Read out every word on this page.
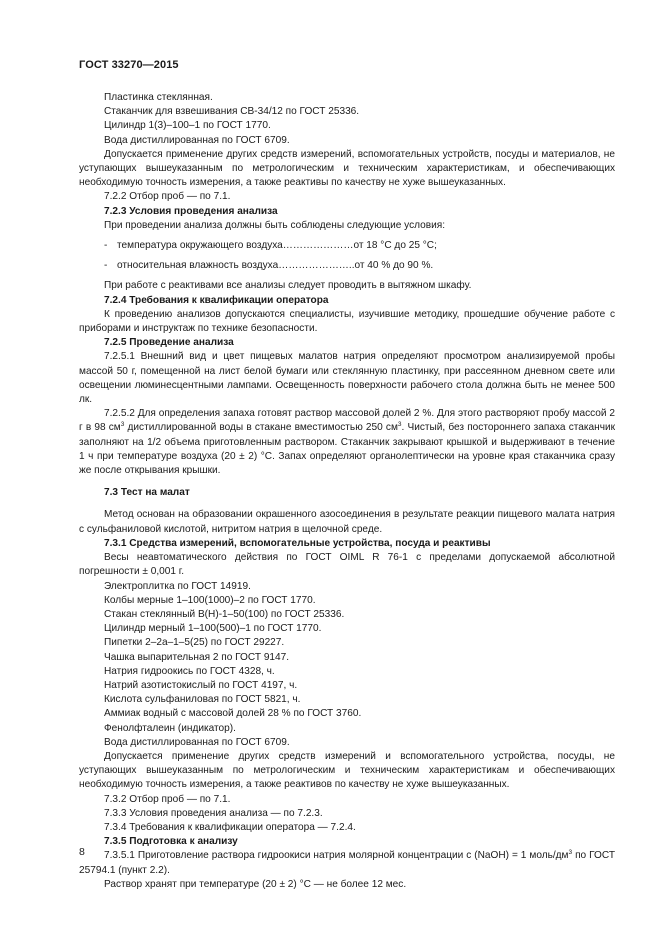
ГОСТ 33270—2015

Пластинка стеклянная.

Стаканчик для взвешивания СВ-34/12 по ГОСТ 25336.

Цилиндр 1(3)–100–1 по ГОСТ 1770.

Вода дистиллированная по ГОСТ 6709.

Допускается применение других средств измерений, вспомогательных устройств, посуды и материалов, не уступающих вышеуказанным по метрологическим и техническим характеристикам, и обеспечивающих необходимую точность измерения, а также реактивы по качеству не хуже вышеуказанных.

7.2.2 Отбор проб — по 7.1.

7.2.3 Условия проведения анализа

При проведении анализа должны быть соблюдены следующие условия:

- температура окружающего воздуха…………………от 18 °С до 25 °С;
- относительная влажность воздуха…………………..от 40 % до 90 %.

При работе с реактивами все анализы следует проводить в вытяжном шкафу.

7.2.4 Требования к квалификации оператора

К проведению анализов допускаются специалисты, изучившие методику, прошедшие обучение работе с приборами и инструктаж по технике безопасности.

7.2.5 Проведение анализа

7.2.5.1 Внешний вид и цвет пищевых малатов натрия определяют просмотром анализируемой пробы массой 50 г, помещенной на лист белой бумаги или стеклянную пластинку, при рассеянном дневном свете или освещении люминесцентными лампами. Освещенность поверхности рабочего стола должна быть не менее 500 лк.

7.2.5.2 Для определения запаха готовят раствор массовой долей 2 %. Для этого растворяют пробу массой 2 г в 98 $см^3$ дистиллированной воды в стакане вместимостью 250 $см^3$. Чистый, без постороннего запаха стаканчик заполняют на 1/2 объема приготовленным раствором. Стаканчик закрывают крышкой и выдерживают в течение 1 ч при температуре воздуха (20 ± 2) °С. Запах определяют органолептически на уровне края стаканчика сразу же после открывания крышки.

7.3 Тест на малат

Метод основан на образовании окрашенного азосоединения в результате реакции пищевого малата натрия с сульфаниловой кислотой, нитритом натрия в щелочной среде.

7.3.1 Средства измерений, вспомогательные устройства, посуда и реактивы

Весы неавтоматического действия по ГОСТ OIML R 76-1 с пределами допускаемой абсолютной погрешности ± 0,001 г.

Электроплитка по ГОСТ 14919.

Колбы мерные 1–100(1000)–2 по ГОСТ 1770.

Стакан стеклянный В(Н)-1–50(100) по ГОСТ 25336.

Цилиндр мерный 1–100(500)–1 по ГОСТ 1770.

Пипетки 2–2а–1–5(25) по ГОСТ 29227.

Чашка выпарительная 2 по ГОСТ 9147.

Натрия гидроокись по ГОСТ 4328, ч.

Натрий азотистокислый по ГОСТ 4197, ч.

Кислота сульфаниловая по ГОСТ 5821, ч.

Аммиак водный с массовой долей 28 % по ГОСТ 3760.

Фенолфталеин (индикатор).

Вода дистиллированная по ГОСТ 6709.

Допускается применение других средств измерений и вспомогательного устройства, посуды, не уступающих вышеуказанным по метрологическим и техническим характеристикам и обеспечивающих необходимую точность измерения, а также реактивов по качеству не хуже вышеуказанных.

7.3.2 Отбор проб — по 7.1.

7.3.3 Условия проведения анализа — по 7.2.3.

7.3.4 Требования к квалификации оператора — 7.2.4.

7.3.5 Подготовка к анализу

7.3.5.1 Приготовление раствора гидроокиси натрия молярной концентрации с (NaOH) = 1 моль/$дм^3$ по ГОСТ 25794.1 (пункт 2.2).

Раствор хранят при температуре (20 ± 2) °С — не более 12 мес.

8
